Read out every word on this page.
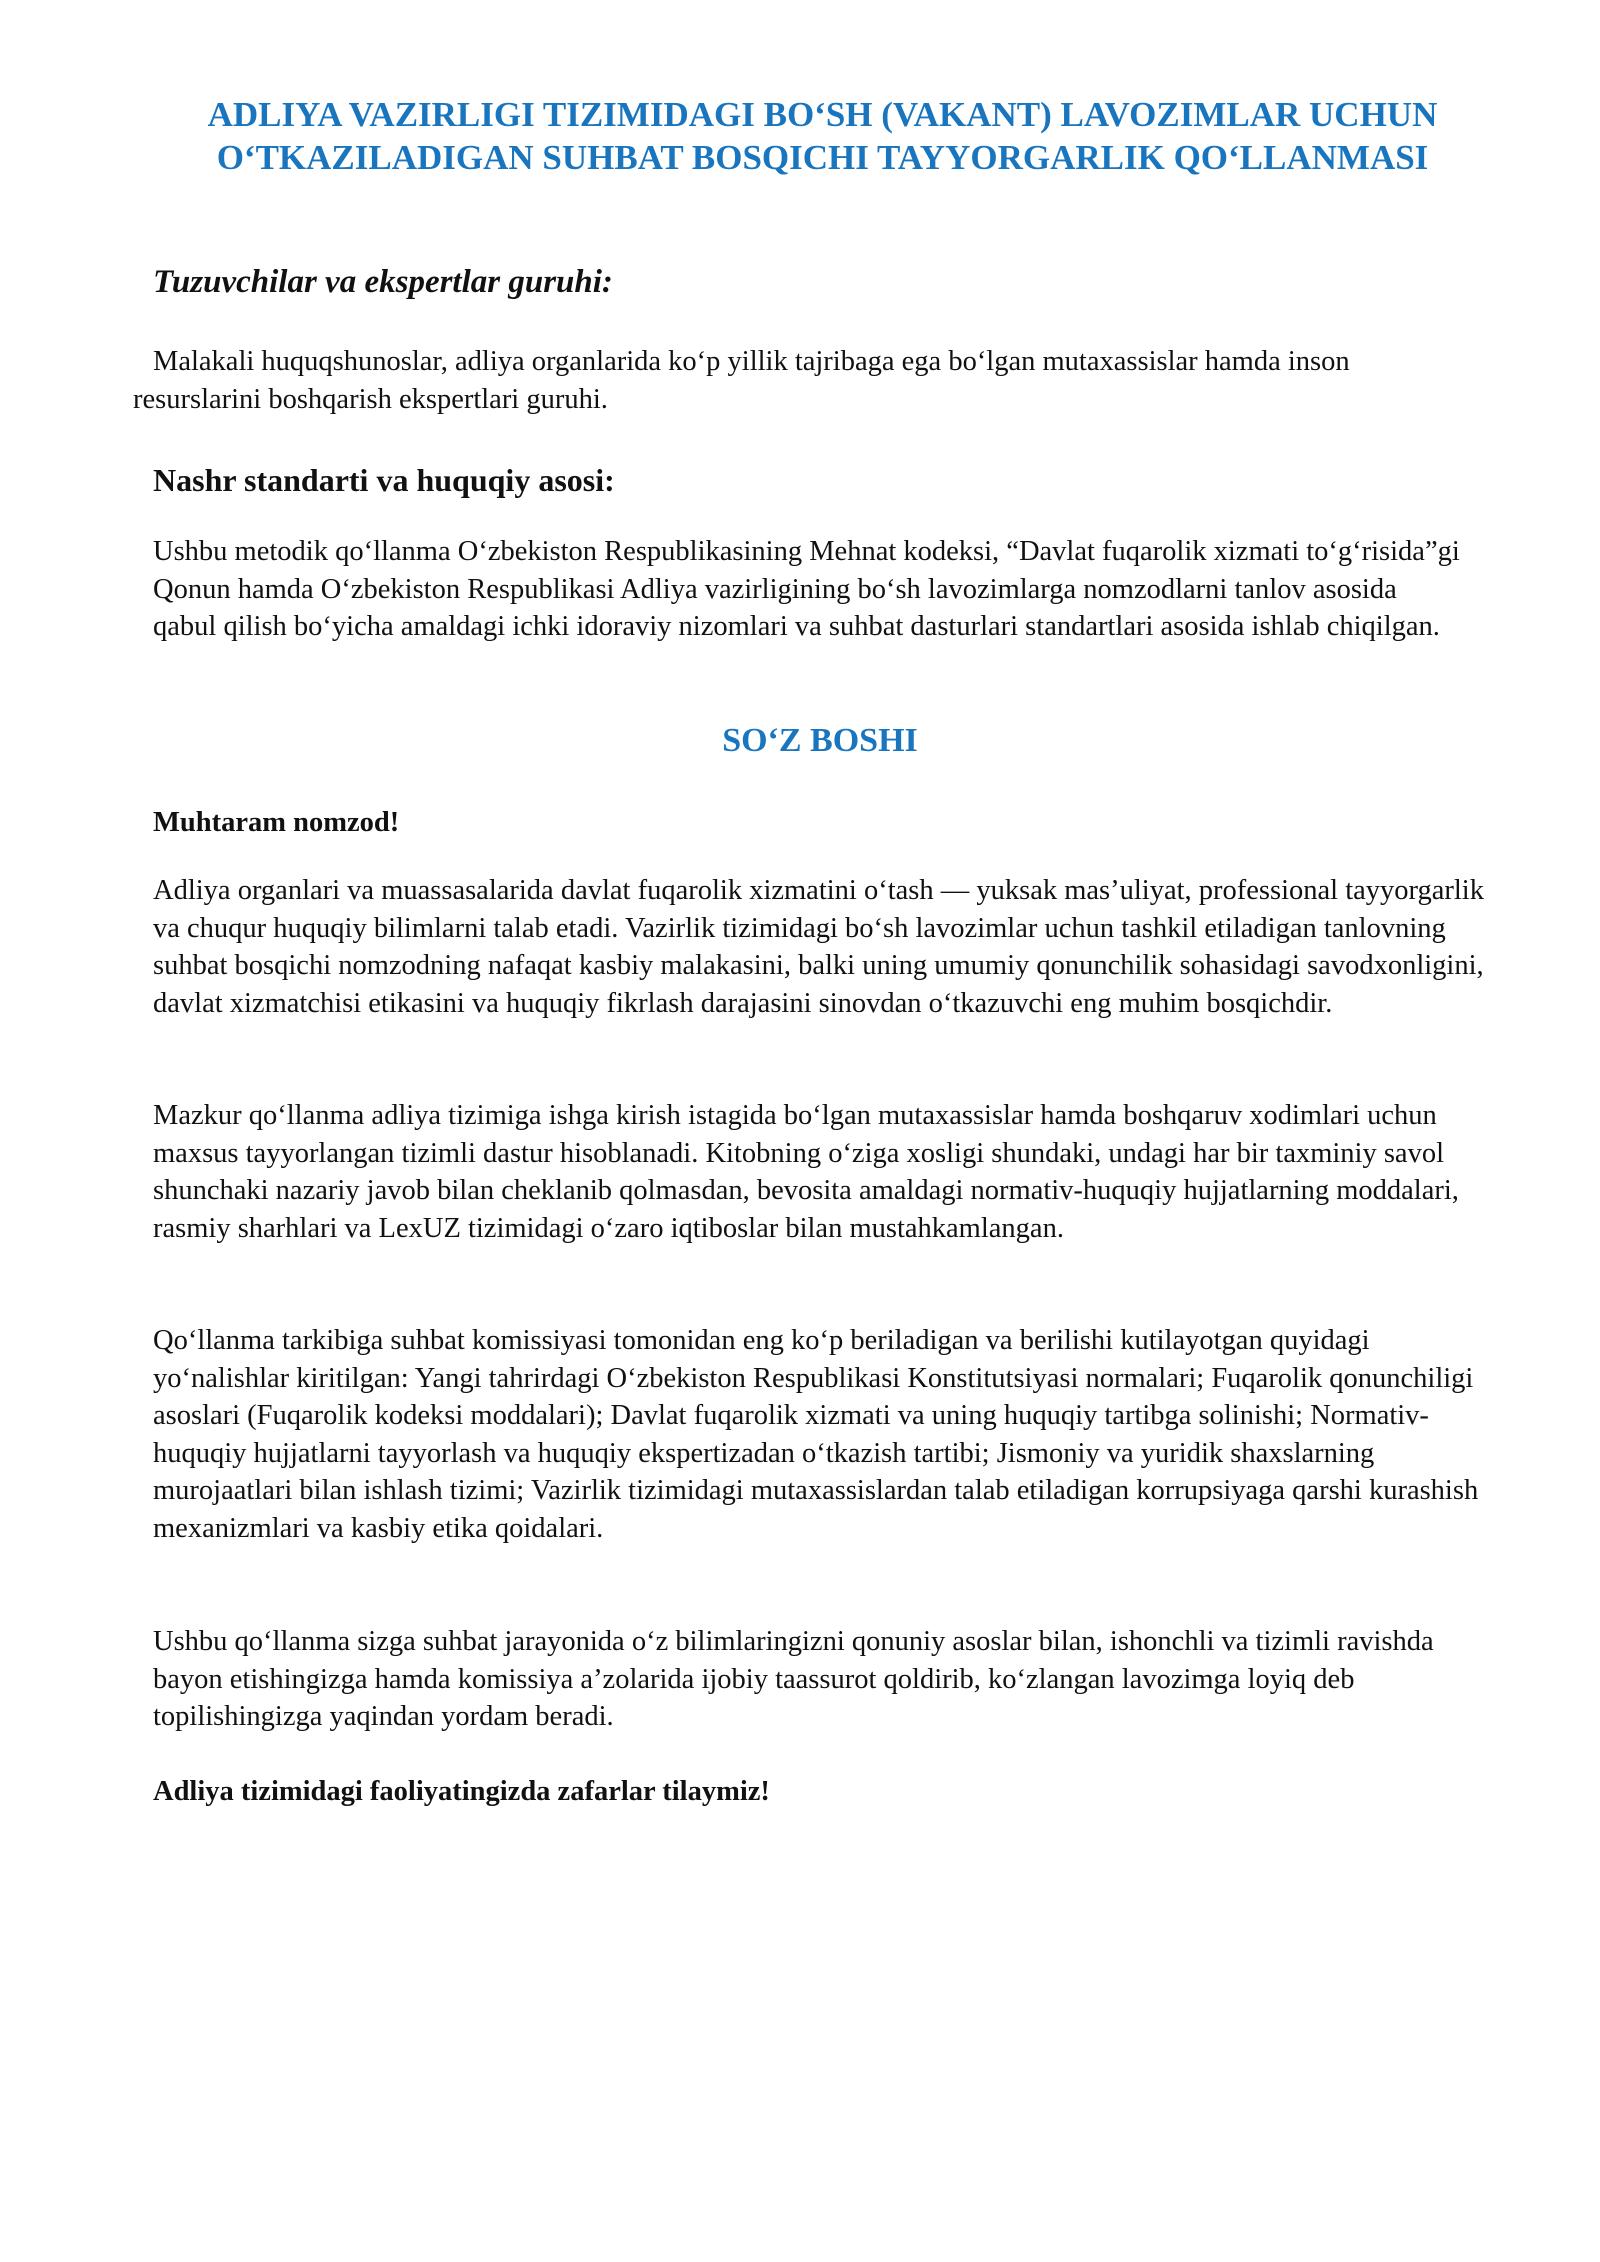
ADLIYA VAZIRLIGI TIZIMIDAGI BO‘SH (VAKANT) LAVOZIMLAR UCHUN O‘TKAZILADIGAN SUHBAT BOSQICHI TAYYORGARLIK QO‘LLANMASI
Tuzuvchilar va ekspertlar guruhi:

Malakali huquqshunoslar, adliya organlarida ko‘p yillik tajribaga ega bo‘lgan mutaxassislar hamda inson resurslarini boshqarish ekspertlari guruhi.

Nashr standarti va huquqiy asosi:

Ushbu metodik qo‘llanma O‘zbekiston Respublikasining Mehnat kodeksi, “Davlat fuqarolik xizmati to‘g‘risida”gi Qonun hamda O‘zbekiston Respublikasi Adliya vazirligining bo‘sh lavozimlarga nomzodlarni tanlov asosida qabul qilish bo‘yicha amaldagi ichki idoraviy nizomlari va suhbat dasturlari standartlari asosida ishlab chiqilgan.

SO‘Z BOSHI

Muhtaram nomzod!

Adliya organlari va muassasalarida davlat fuqarolik xizmatini o‘tash — yuksak mas’uliyat, professional tayyorgarlik va chuqur huquqiy bilimlarni talab etadi. Vazirlik tizimidagi bo‘sh lavozimlar uchun tashkil etiladigan tanlovning suhbat bosqichi nomzodning nafaqat kasbiy malakasini, balki uning umumiy qonunchilik sohasidagi savodxonligini, davlat xizmatchisi etikasini va huquqiy fikrlash darajasini sinovdan o‘tkazuvchi eng muhim bosqichdir.

Mazkur qo‘llanma adliya tizimiga ishga kirish istagida bo‘lgan mutaxassislar hamda boshqaruv xodimlari uchun maxsus tayyorlangan tizimli dastur hisoblanadi. Kitobning o‘ziga xosligi shundaki, undagi har bir taxminiy savol shunchaki nazariy javob bilan cheklanib qolmasdan, bevosita amaldagi normativ-huquqiy hujjatlarning moddalari, rasmiy sharhlari va LexUZ tizimidagi o‘zaro iqtiboslar bilan mustahkamlangan.

Qo‘llanma tarkibiga suhbat komissiyasi tomonidan eng ko‘p beriladigan va berilishi kutilayotgan quyidagi yo‘nalishlar kiritilgan: Yangi tahrirdagi O‘zbekiston Respublikasi Konstitutsiyasi normalari; Fuqarolik qonunchiligi asoslari (Fuqarolik kodeksi moddalari); Davlat fuqarolik xizmati va uning huquqiy tartibga solinishi; Normativ-huquqiy hujjatlarni tayyorlash va huquqiy ekspertizadan o‘tkazish tartibi; Jismoniy va yuridik shaxslarning murojaatlari bilan ishlash tizimi; Vazirlik tizimidagi mutaxassislardan talab etiladigan korrupsiyaga qarshi kurashish mexanizmlari va kasbiy etika qoidalari.

Ushbu qo‘llanma sizga suhbat jarayonida o‘z bilimlaringizni qonuniy asoslar bilan, ishonchli va tizimli ravishda bayon etishingizga hamda komissiya a’zolarida ijobiy taassurot qoldirib, ko‘zlangan lavozimga loyiq deb topilishingizga yaqindan yordam beradi.

Adliya tizimidagi faoliyatingizda zafarlar tilaymiz!
